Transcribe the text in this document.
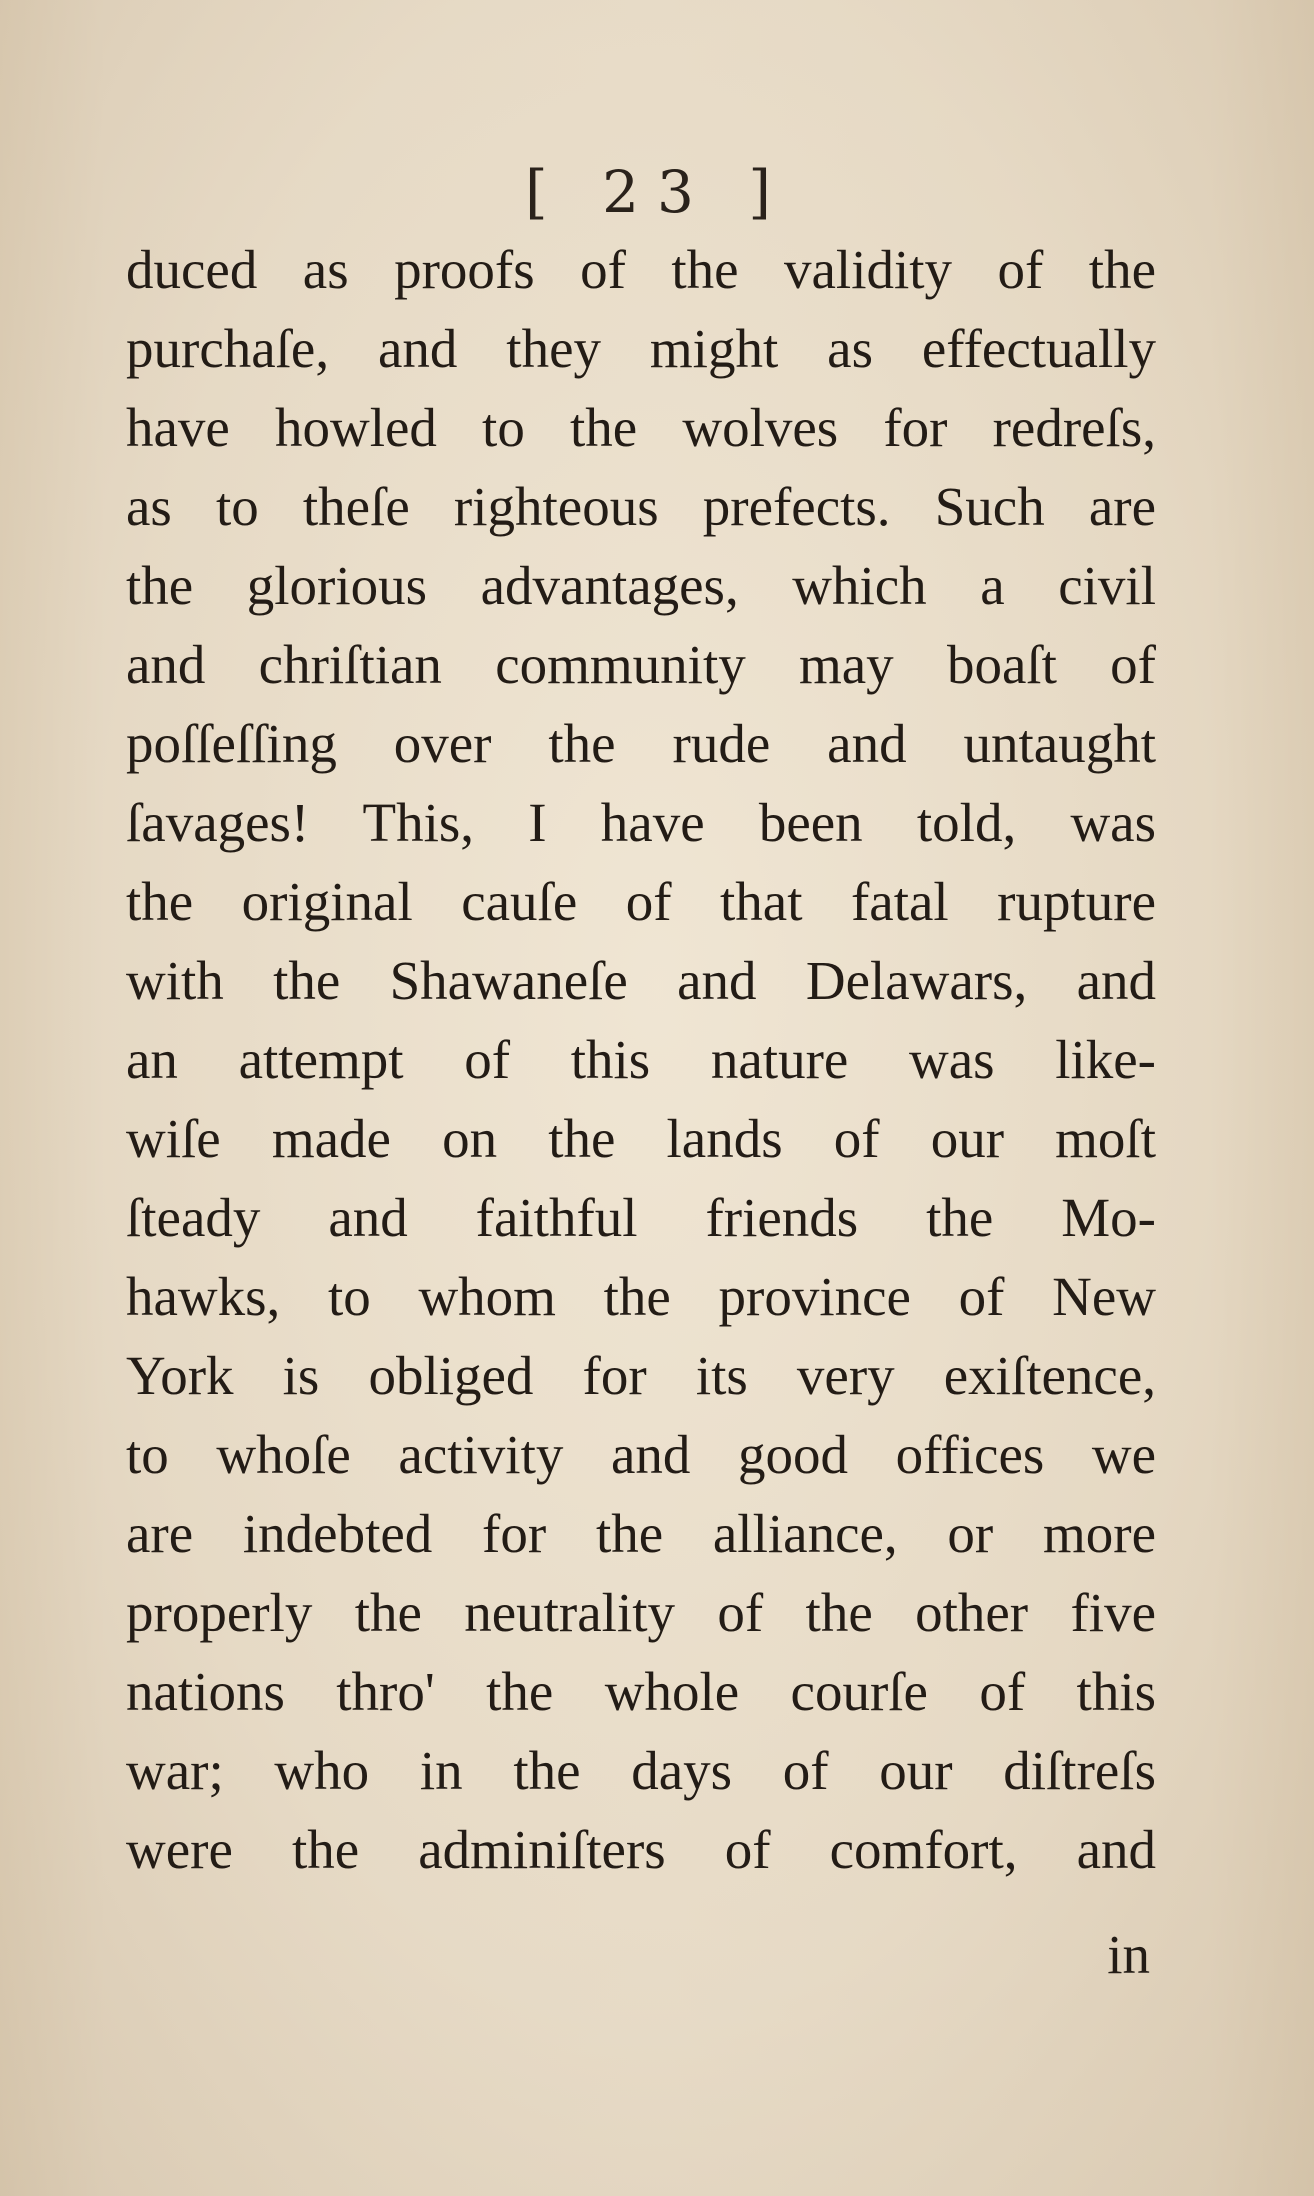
[ 23 ]
duced as proofs of the validity of the
purchaſe, and they might as effectually
have howled to the wolves for redreſs,
as to theſe righteous prefects. Such are
the glorious advantages, which a civil
and chriſtian community may boaſt of
poſſeſſing over the rude and untaught
ſavages! This, I have been told, was
the original cauſe of that fatal rupture
with the Shawaneſe and Delawars, and
an attempt of this nature was like-
wiſe made on the lands of our moſt
ſteady and faithful friends the Mo-
hawks, to whom the province of New
York is obliged for its very exiſtence,
to whoſe activity and good offices we
are indebted for the alliance, or more
properly the neutrality of the other five
nations thro' the whole courſe of this
war; who in the days of our diſtreſs
were the adminiſters of comfort, and
in
